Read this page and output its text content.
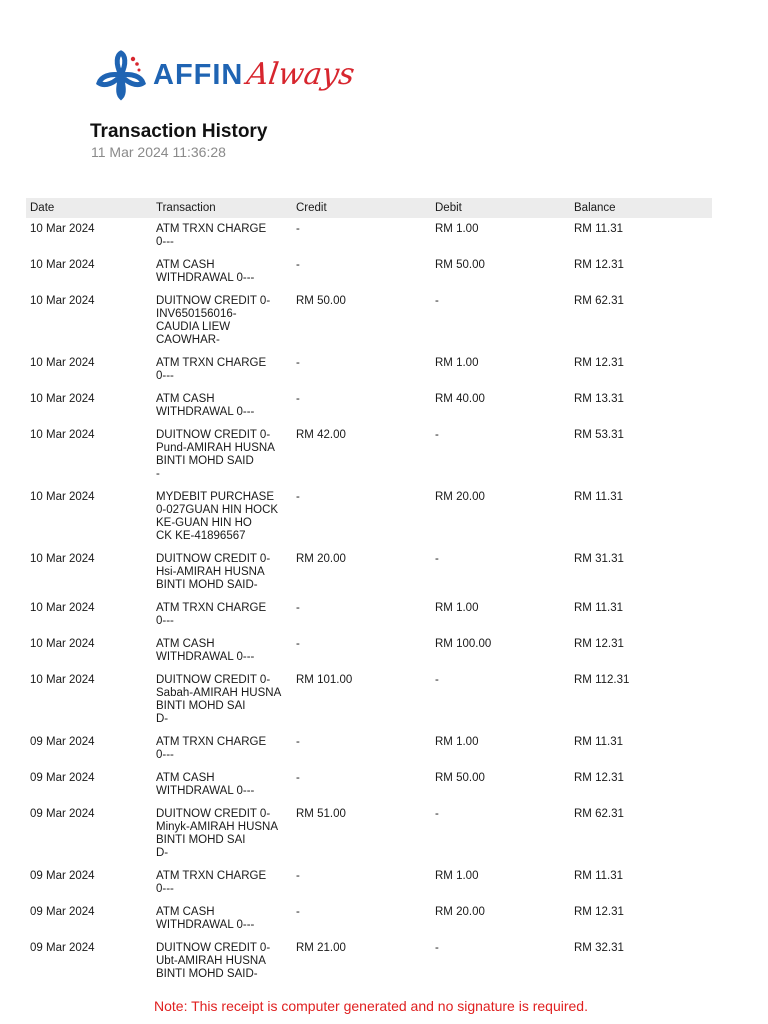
AFFIN Always
Transaction History
11 Mar 2024 11:36:28
Date	Transaction	Credit	Debit	Balance
10 Mar 2024	ATM TRXN CHARGE
0---	-	RM 1.00	RM 11.31
10 Mar 2024	ATM CASH
WITHDRAWAL 0---	-	RM 50.00	RM 12.31
10 Mar 2024	DUITNOW CREDIT 0-
INV650156016-
CAUDIA LIEW
CAOWHAR-	RM 50.00	-	RM 62.31
10 Mar 2024	ATM TRXN CHARGE
0---	-	RM 1.00	RM 12.31
10 Mar 2024	ATM CASH
WITHDRAWAL 0---	-	RM 40.00	RM 13.31
10 Mar 2024	DUITNOW CREDIT 0-
Pund-AMIRAH HUSNA
BINTI MOHD SAID
-	RM 42.00	-	RM 53.31
10 Mar 2024	MYDEBIT PURCHASE
0-027GUAN HIN HOCK
KE-GUAN HIN HO
CK KE-41896567	-	RM 20.00	RM 11.31
10 Mar 2024	DUITNOW CREDIT 0-
Hsi-AMIRAH HUSNA
BINTI MOHD SAID-	RM 20.00	-	RM 31.31
10 Mar 2024	ATM TRXN CHARGE
0---	-	RM 1.00	RM 11.31
10 Mar 2024	ATM CASH
WITHDRAWAL 0---	-	RM 100.00	RM 12.31
10 Mar 2024	DUITNOW CREDIT 0-
Sabah-AMIRAH HUSNA
BINTI MOHD SAI
D-	RM 101.00	-	RM 112.31
09 Mar 2024	ATM TRXN CHARGE
0---	-	RM 1.00	RM 11.31
09 Mar 2024	ATM CASH
WITHDRAWAL 0---	-	RM 50.00	RM 12.31
09 Mar 2024	DUITNOW CREDIT 0-
Minyk-AMIRAH HUSNA
BINTI MOHD SAI
D-	RM 51.00	-	RM 62.31
09 Mar 2024	ATM TRXN CHARGE
0---	-	RM 1.00	RM 11.31
09 Mar 2024	ATM CASH
WITHDRAWAL 0---	-	RM 20.00	RM 12.31
09 Mar 2024	DUITNOW CREDIT 0-
Ubt-AMIRAH HUSNA
BINTI MOHD SAID-	RM 21.00	-	RM 32.31
Note: This receipt is computer generated and no signature is required.
